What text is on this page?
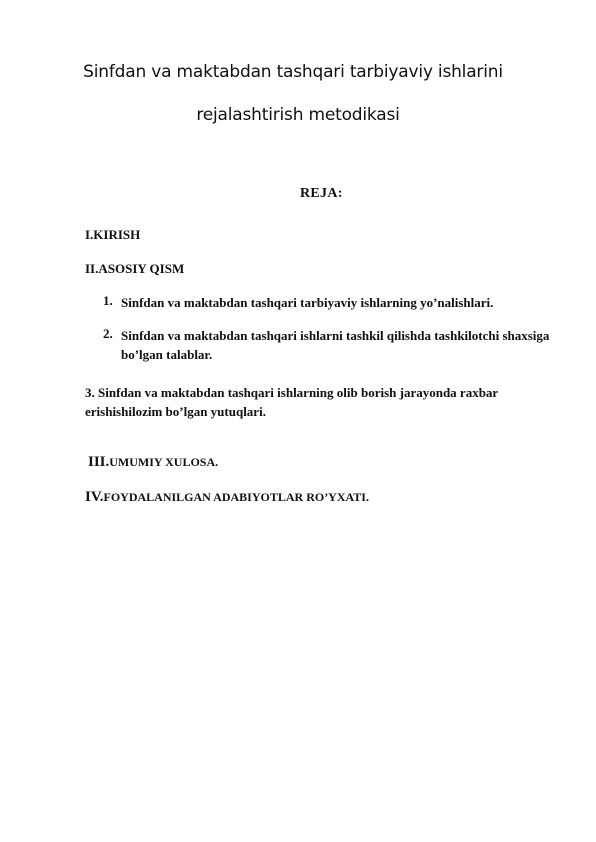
Sinfdan va maktabdan tashqari tarbiyaviy ishlarini
rejalashtirish metodikasi
REJA:
I.KIRISH
II.ASOSIY QISM
1. Sinfdan va maktabdan tashqari tarbiyaviy ishlarning yo’nalishlari.
2. Sinfdan va maktabdan tashqari ishlarni tashkil qilishda tashkilotchi shaxsiga bo’lgan talablar.
3. Sinfdan va maktabdan tashqari ishlarning olib borish jarayonda raxbar erishishilozim bo’lgan yutuqlari.
III.UMUMIY XULOSA.
IV.FOYDALANILGAN ADABIYOTLAR RO’YXATI.
